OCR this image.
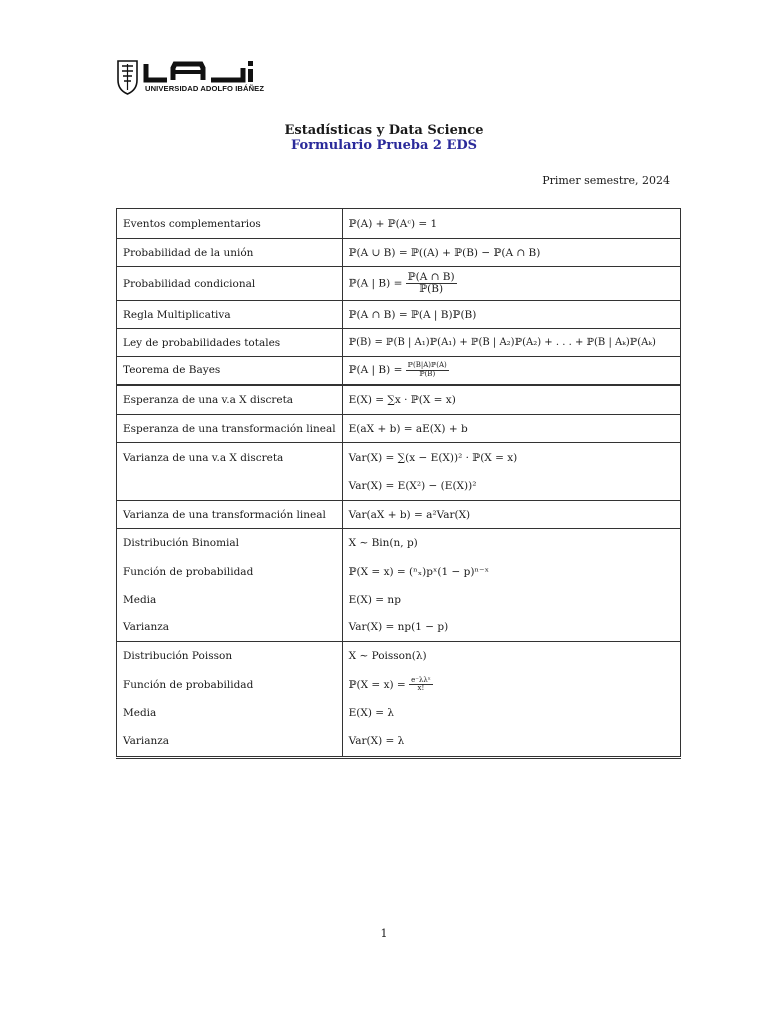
UNIVERSIDAD ADOLFO IBÁÑEZ
Estadísticas y Data Science
Formulario Prueba 2 EDS
Primer semestre, 2024
Eventos complementarios	ℙ(A) + ℙ(Aᶜ) = 1
Probabilidad de la unión	ℙ(A ∪ B) = ℙ((A) + ℙ(B) − ℙ(A ∩ B)
Probabilidad condicional	ℙ(A | $B) = \frac{\text{ℙ(A ∩ B)}}{\text{ℙ(B)}}$

Regla Multiplicativa	ℙ(A ∩ B) = ℙ(A | B)ℙ(B)
Ley de probabilidades totales	ℙ(B) = ℙ(B | A₁)ℙ(A₁) + ℙ(B | A₂)ℙ(A₂) + . . . + ℙ(B | Aₖ)ℙ(Aₖ)
Teorema de Bayes	ℙ(A | $B) = \frac{\text{ℙ(B|A)ℙ(A)}}{\text{ℙ(B)}}$

Esperanza de una v.a X discreta	E(X) = ∑x · ℙ(X = x)
Esperanza de una transformación lineal	E(aX + b) = aE(X) + b
Varianza de una v.a X discreta	Var(X) = ∑(x − E(X))² · ℙ(X = x)
	Var(X) = E(X²) − (E(X))²
Varianza de una transformación lineal	Var(aX + b) = a²Var(X)
Distribución Binomial	X ∼ Bin(n, p)
Función de probabilidad	ℙ(X = x) = (ⁿₓ)pˣ(1 − p)ⁿ⁻ˣ
Media	E(X) = np
Varianza	Var(X) = np(1 − p)
Distribución Poisson	X ∼ Poisson(λ)
Función de probabilidad	ℙ(X = $x) = \frac{\text{e⁻λλˣ}}{x!}$

Media	E(X) = λ
Varianza	Var(X) = λ
1
